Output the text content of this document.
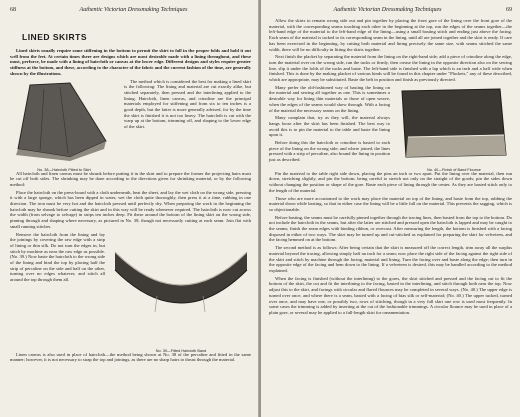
68	Authentic Victorian Dressmaking Techniques
LINED SKIRTS
Lined skirts usually require some stiffening in the bottom to permit the skirt to fall in the proper folds and hold it out well from the feet. At certain times there are designs which are most desirable made with a lining throughout, and these must, perforce, be made with a lining of haircloth or canvas at the lower edge. Different designs and styles require greater stiffness at the bottom, and these, according to the character of the fabric and the current fashion of the time, are generally shown by the illustrations.
No. 38—Haircloth Fitted to Skirt
The method which is considered the best for making a lined skirt is the following: The lining and material are cut exactly alike, but stitched separately, then pressed and the interlining applied to the lining. Haircloth, linen canvas, and crinoline are the principal materials employed for stiffening and from six to ten inches is a good depth, but the latter is more generally advised, for by the time the skirt is finished it is not too heavy. The haircloth is cut with the warp up at the bottom, trimming off, and shaping to the lower edge of the skirt.
All haircloth and linen canvas must be shrunk before putting it in the skirt and to prepare the former the projecting hairs must be cut off both sides. The shrinking may be done according to the directions given for shrinking material, or by the following method:
Place the haircloth on the press-board with a cloth underneath, heat the sheet, and lay the wet cloth on the wrong side, pressing it with a large sponge, which has been dipped in water, wet the cloth quite thoroughly, then press it at a time, rubbing in one direction. The iron must be very hot and the haircloth pressed until perfectly dry. When preparing the work in the beginning the haircloth may be shrunk before cutting the skirt and in this way will be ready whenever required. The haircloth is now cut across the width (from selvage to selvage) in strips ten inches deep. Fit these around the bottom of the lining skirt on the wrong side, pinning through and shaping where necessary, as pictured in No. 38, though not necessarily cutting at each seam. Join flat with small running stitches.
Remove the haircloth from the lining and lay the joinings by covering the raw edge with a strip of lining or thin silk. Do not turn the edges in, but stitch by machine as near the raw edge as possible. (No. 39.) Now baste the haircloth to the wrong side of the lining and bind the top by placing half the strip of percaline on the side and half on the other, turning over no edges whatever, and stitch all around the top through them all.
No. 39—Fitted Haircloth Band
Linen canvas is also used in place of haircloth—the method being shown at No. 38 of the percaline and fitted in the same manner; however, it is not necessary to strap the top and joinings, as there are no sharp hairs to thrust through the material.
Authentic Victorian Dressmaking Techniques	69
Allow the skirts to remain wrong side out and pin together by placing the front gore of the lining over the front gore of the material, with the corresponding seams touching each other in the beginning at the top, run the edges of the seams together—the left-hand edge of the material to the left-hand edge of the lining—using a small basting stitch and ending just above the facing. Each seam of the material is tacked to its corresponding seam in the lining, until all are joined together and the skirt is ready. If care has been exercised in the beginning, by cutting both material and lining precisely the same size, with seams stitched the same width, there will be no difficulty in fitting the skirts together.
Next finish the placket by separating the material from the lining on the right-hand side; add a piece of crinoline along the edge, turn the material over on the wrong side, run the tucks or firmly, then crease the lining in the opposite direction also on the sewing line, slip it under the folds of the tucks and baste. The left-hand side is finished with a lap which is an inch and a half wide when finished. This is done by the making placket of various kinds will be found in this chapter under "Plackets," any of these described, which are appropriate, may be substituted. Baste the belt in position and finish as previously directed.
Many prefer the old-fashioned way of basting the lining on the material and sewing all together as one. This is sometimes a desirable way for lining thin materials or those of open weave, when the edges of the seams would show through. With a facing of the material the necessary seams on the lining.
Many complain that, try as they will, the material always hangs loose after the skirt has been finished. The best way to avoid this is to pin the material to the table and baste the lining upon it.
Before doing this the haircloth or crinoline is basted to each piece of the lining on the wrong side; and where joined, the lines pressed with a strip of percaline, also bound the lining in position just as described.
No. 40—Finish of Band Flounce
Pin the material to the table right side down, placing the pins an inch or two apart. Put the lining over the material, then run down, stretching slightly, and pin the bottom, being careful to stretch not only on the straight of the goods; pin the sides down without changing the position or shape of the gore. Baste each piece of lining through the center. As they are basted stitch only to the length of the material.
Those who are more accustomed to the work may place the material on top of the lining, and baste from the top, rubbing the material down while basting, so that in either case the lining will be a little full on the material. This prevents the sagging, which is so objectionable.
Before basting, the seams must be carefully pinned together through the tracing lines, then basted from the top to the bottom. Do not include the haircloth in the seams, but after the latter are stitched and pressed open the haircloth is lapped and may be caught to the seams; finish the seam edges with binding ribbon, or overcast. After measuring the length, the bottom is finished with a facing disposed in either of two ways. The skirt may be turned up and cut-stitched as explained for preparing the skirt for velveteen, and the facing hemmed on at the bottom.
The second method is as follows: After being certain that the skirt is measured off the correct length, trim away all the surplus material beyond the tracing, allowing simply half an inch for a seam; now place the right side of the facing against the right side of the skirt and stitch by machine through the facing, material and lining. Turn the facing over and baste along the edge; then turn in the opposite edge of the facing and hem down to the lining. If a velveteen is desired, this may be handled according to the method explained.
When the facing is finished (without the interlining) to the gores, the skirt stitched and pressed and the facing cut to fit the bottom of the skirt, the cut and fit the interlining to the facing, basted in the interlining, and stitch through both near the top. Now adjust this to the skirt, and facings with circular and flared flounces may be completed in several ways. (No. 40.) The upper edge is turned over once, and where there is a seam, basted with a facing of bias silk or self-material; (No. 40.) The upper tucked, turned over once, and may have one, or possibly two, rows of stitching, though in a very full skirt one row is used most frequently. In some cases the trimming is added by inserting at the cut of the fashionable trimmings. A circular flounce may be used in place of a plain gore, or several may be applied to a full-length skirt for ornamentation.
